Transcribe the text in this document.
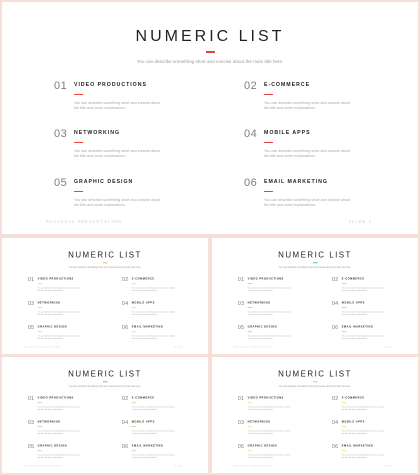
NUMERIC LIST
You can describe something short and concise about the main title here.
01 VIDEO PRODUCTIONS
You can describe something short and concise about the title and some explanations.
02 E-COMMERCE
You can describe something short and concise about the title and some explanations.
03 NETWORKING
You can describe something short and concise about the title and some explanations.
04 MOBILE APPS
You can describe something short and concise about the title and some explanations.
05 GRAPHIC DESIGN
You can describe something short and concise about the title and some explanations.
06 EMAIL MARKETING
You can describe something short and concise about the title and some explanations.
BUSINESS PRESENTATION	SLIDE 2
NUMERIC LIST
You can describe something short and concise about the main title here.
01 VIDEO PRODUCTIONS
You can describe something short and concise about the title and some explanations.
02 E-COMMERCE
You can describe something short and concise about the title and some explanations.
03 NETWORKING
You can describe something short and concise about the title and some explanations.
04 MOBILE APPS
You can describe something short and concise about the title and some explanations.
05 GRAPHIC DESIGN
You can describe something short and concise about the title and some explanations.
06 EMAIL MARKETING
You can describe something short and concise about the title and some explanations.
BUSINESS PRESENTATION	SLIDE 2
NUMERIC LIST
You can describe something short and concise about the main title here.
01 VIDEO PRODUCTIONS
You can describe something short and concise about the title and some explanations.
02 E-COMMERCE
You can describe something short and concise about the title and some explanations.
03 NETWORKING
You can describe something short and concise about the title and some explanations.
04 MOBILE APPS
You can describe something short and concise about the title and some explanations.
05 GRAPHIC DESIGN
You can describe something short and concise about the title and some explanations.
06 EMAIL MARKETING
You can describe something short and concise about the title and some explanations.
BUSINESS PRESENTATION	SLIDE 2
NUMERIC LIST
You can describe something short and concise about the main title here.
01 VIDEO PRODUCTIONS
You can describe something short and concise about the title and some explanations.
02 E-COMMERCE
You can describe something short and concise about the title and some explanations.
03 NETWORKING
You can describe something short and concise about the title and some explanations.
04 MOBILE APPS
You can describe something short and concise about the title and some explanations.
05 GRAPHIC DESIGN
You can describe something short and concise about the title and some explanations.
06 EMAIL MARKETING
You can describe something short and concise about the title and some explanations.
BUSINESS PRESENTATION	SLIDE 2
NUMERIC LIST
You can describe something short and concise about the main title here.
01 VIDEO PRODUCTIONS
You can describe something short and concise about the title and some explanations.
02 E-COMMERCE
You can describe something short and concise about the title and some explanations.
03 NETWORKING
You can describe something short and concise about the title and some explanations.
04 MOBILE APPS
You can describe something short and concise about the title and some explanations.
05 GRAPHIC DESIGN
You can describe something short and concise about the title and some explanations.
06 EMAIL MARKETING
You can describe something short and concise about the title and some explanations.
BUSINESS PRESENTATION	SLIDE 2
